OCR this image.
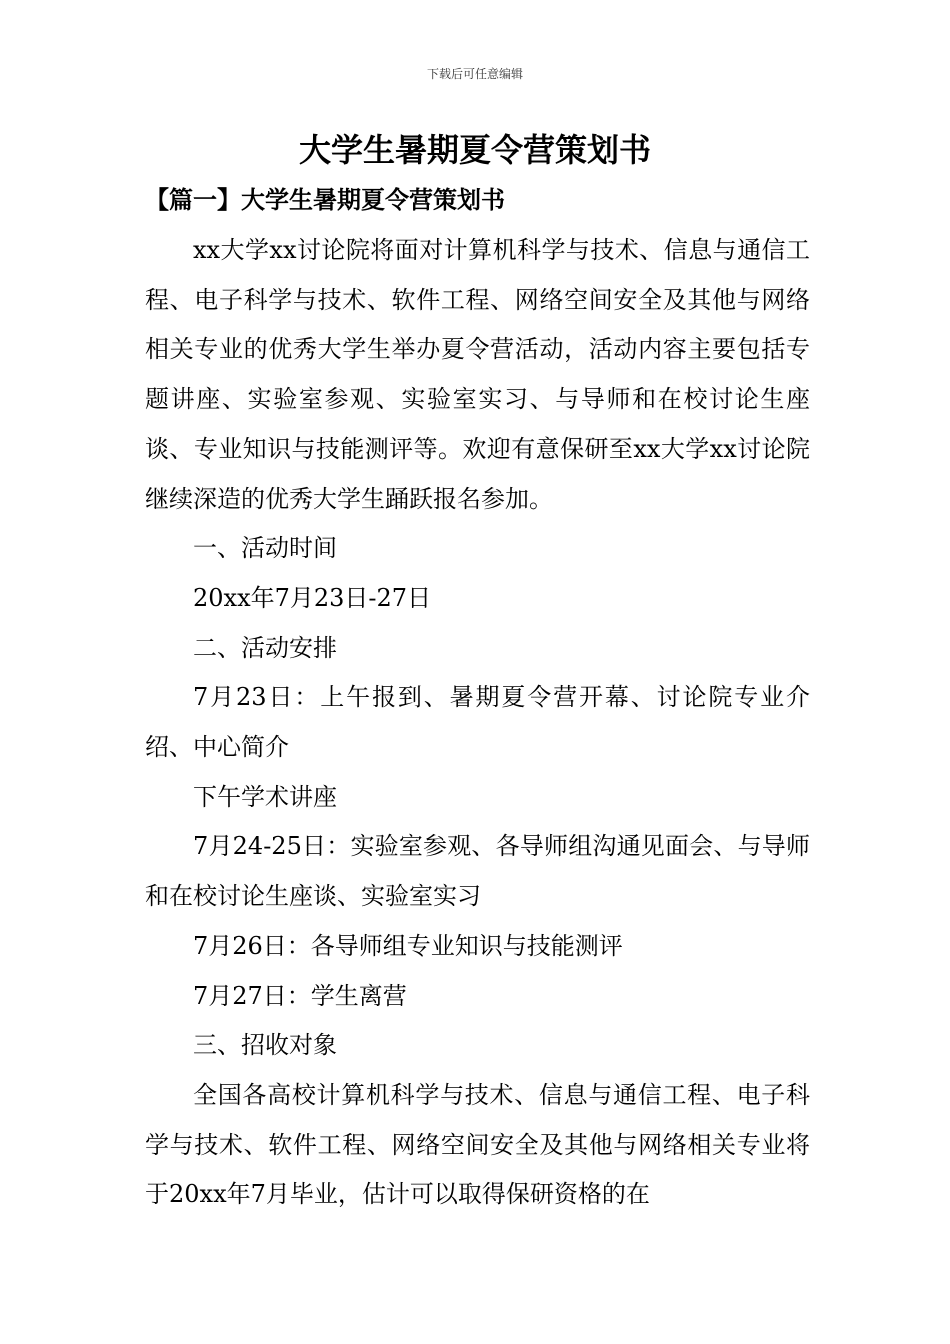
下载后可任意编辑
大学生暑期夏令营策划书
【篇一】大学生暑期夏令营策划书

xx大学xx讨论院将面对计算机科学与技术、信息与通信工程、电子科学与技术、软件工程、网络空间安全及其他与网络相关专业的优秀大学生举办夏令营活动，活动内容主要包括专题讲座、实验室参观、实验室实习、与导师和在校讨论生座谈、专业知识与技能测评等。欢迎有意保研至xx大学xx讨论院继续深造的优秀大学生踊跃报名参加。

一、活动时间

20xx年7月23日-27日

二、活动安排

7月23日：上午报到、暑期夏令营开幕、讨论院专业介绍、中心简介

下午学术讲座

7月24-25日：实验室参观、各导师组沟通见面会、与导师和在校讨论生座谈、实验室实习

7月26日：各导师组专业知识与技能测评

7月27日：学生离营

三、招收对象

全国各高校计算机科学与技术、信息与通信工程、电子科学与技术、软件工程、网络空间安全及其他与网络相关专业将于20xx年7月毕业，估计可以取得保研资格的在
